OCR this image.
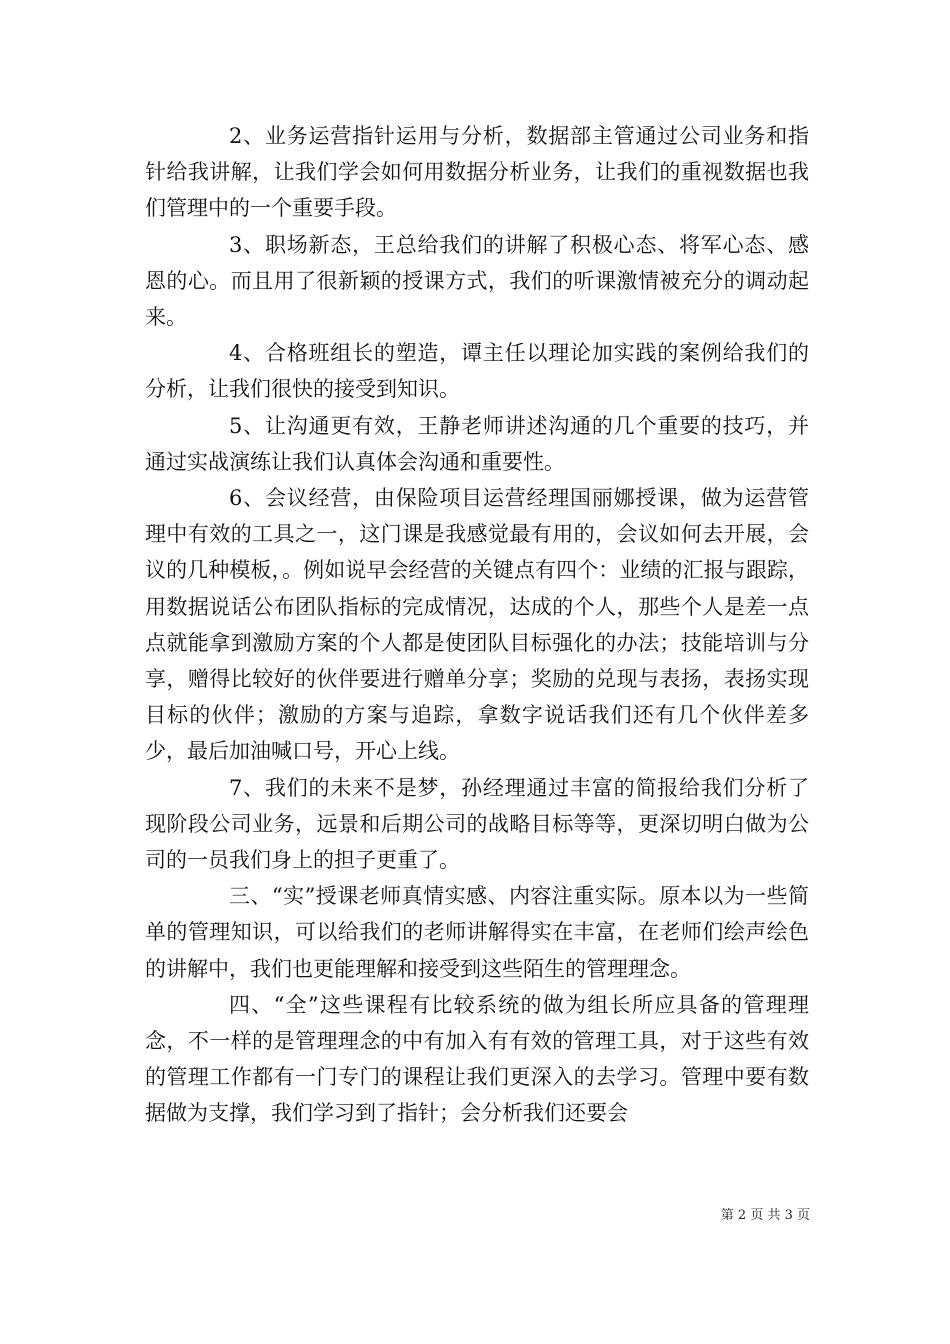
2、业务运营指针运用与分析，数据部主管通过公司业务和指针给我讲解，让我们学会如何用数据分析业务，让我们的重视数据也我们管理中的一个重要手段。

3、职场新态，王总给我们的讲解了积极心态、将军心态、感恩的心。而且用了很新颖的授课方式，我们的听课激情被充分的调动起来。

4、合格班组长的塑造，谭主任以理论加实践的案例给我们的分析，让我们很快的接受到知识。

5、让沟通更有效，王静老师讲述沟通的几个重要的技巧，并通过实战演练让我们认真体会沟通和重要性。

6、会议经营，由保险项目运营经理国丽娜授课，做为运营管理中有效的工具之一，这门课是我感觉最有用的，会议如何去开展，会议的几种模板，。例如说早会经营的关键点有四个：业绩的汇报与跟踪，用数据说话公布团队指标的完成情况，达成的个人，那些个人是差一点点就能拿到激励方案的个人都是使团队目标强化的办法；技能培训与分享，赠得比较好的伙伴要进行赠单分享；奖励的兑现与表扬，表扬实现目标的伙伴；激励的方案与追踪，拿数字说话我们还有几个伙伴差多少，最后加油喊口号，开心上线。

7、我们的未来不是梦，孙经理通过丰富的简报给我们分析了现阶段公司业务，远景和后期公司的战略目标等等，更深切明白做为公司的一员我们身上的担子更重了。

三、“实”授课老师真情实感、内容注重实际。原本以为一些简单的管理知识，可以给我们的老师讲解得实在丰富，在老师们绘声绘色的讲解中，我们也更能理解和接受到这些陌生的管理理念。

四、“全”这些课程有比较系统的做为组长所应具备的管理理念，不一样的是管理理念的中有加入有有效的管理工具，对于这些有效的管理工作都有一门专门的课程让我们更深入的去学习。管理中要有数据做为支撑，我们学习到了指针；会分析我们还要会

第 2 页 共 3 页
